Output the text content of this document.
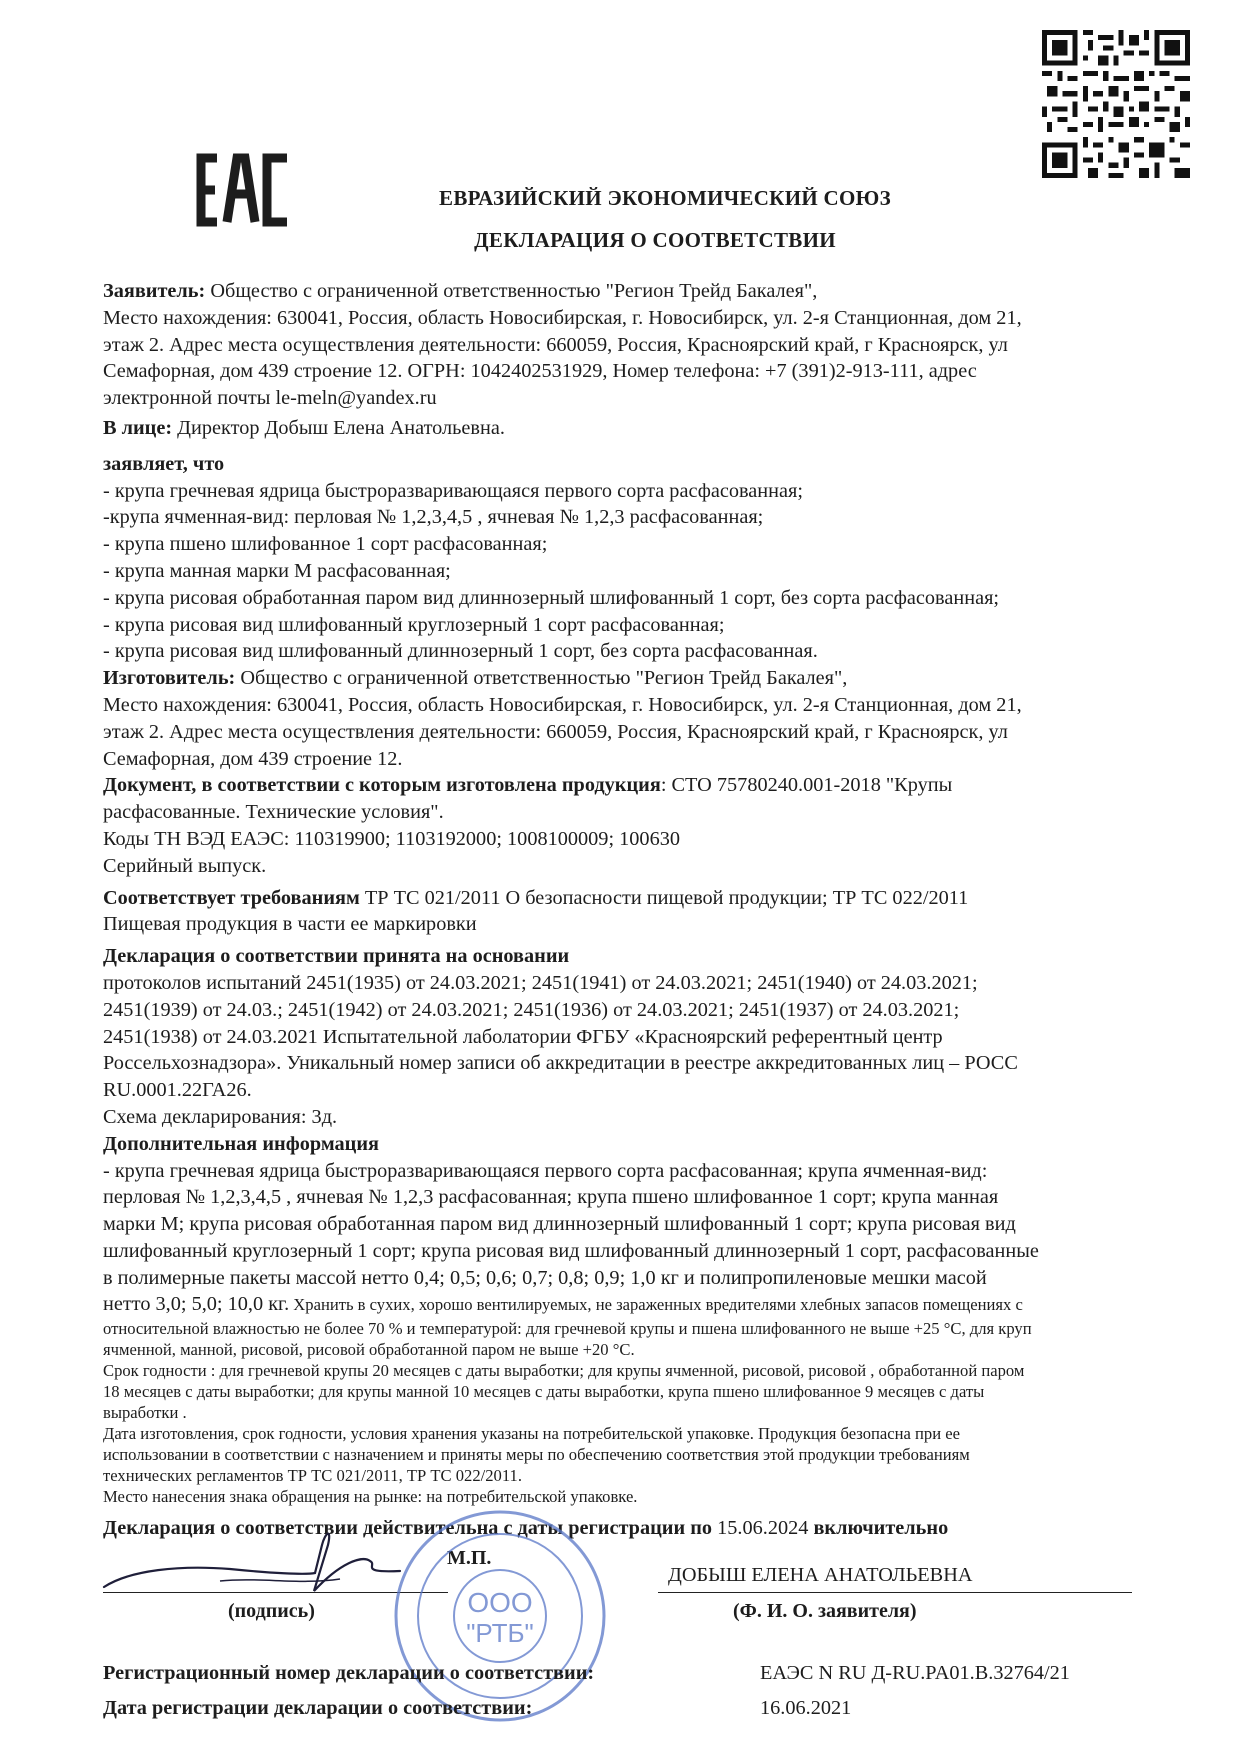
ЕВРАЗИЙСКИЙ ЭКОНОМИЧЕСКИЙ СОЮЗ
ДЕКЛАРАЦИЯ О СООТВЕТСТВИИ

Заявитель: Общество с ограниченной ответственностью "Регион Трейд Бакалея",

Место нахождения: 630041, Россия, область Новосибирская, г. Новосибирск, ул. 2-я Станционная, дом 21,

этаж 2. Адрес места осуществления деятельности: 660059, Россия, Красноярский край, г Красноярск, ул

Семафорная, дом 439 строение 12. ОГРН: 1042402531929, Номер телефона: +7 (391)2-913-111, адрес

электронной почты le-meln@yandex.ru

В лице: Директор Добыш Елена Анатольевна.

заявляет, что

- крупа гречневая ядрица быстроразваривающаяся первого сорта расфасованная;

-крупа ячменная-вид: перловая № 1,2,3,4,5 , ячневая № 1,2,3 расфасованная;

- крупа пшено шлифованное 1 сорт расфасованная;

- крупа манная марки М расфасованная;

- крупа рисовая обработанная паром вид длиннозерный шлифованный 1 сорт, без сорта расфасованная;

- крупа рисовая вид шлифованный круглозерный 1 сорт расфасованная;

- крупа рисовая вид шлифованный длиннозерный 1 сорт, без сорта расфасованная.

Изготовитель: Общество с ограниченной ответственностью "Регион Трейд Бакалея",

Место нахождения: 630041, Россия, область Новосибирская, г. Новосибирск, ул. 2-я Станционная, дом 21,

этаж 2. Адрес места осуществления деятельности: 660059, Россия, Красноярский край, г Красноярск, ул

Семафорная, дом 439 строение 12.

Документ, в соответствии с которым изготовлена продукция: СТО 75780240.001-2018 "Крупы

расфасованные. Технические условия".

Коды ТН ВЭД ЕАЭС: 110319900; 1103192000; 1008100009; 100630

Серийный выпуск.

Соответствует требованиям ТР ТС 021/2011 О безопасности пищевой продукции; ТР ТС 022/2011

Пищевая продукция в части ее маркировки

Декларация о соответствии принята на основании

протоколов испытаний 2451(1935) от 24.03.2021; 2451(1941) от 24.03.2021; 2451(1940) от 24.03.2021;

2451(1939) от 24.03.; 2451(1942) от 24.03.2021; 2451(1936) от 24.03.2021; 2451(1937) от 24.03.2021;

2451(1938) от 24.03.2021 Испытательной лаболатории ФГБУ «Красноярский референтный центр

Россельхознадзора». Уникальный номер записи об аккредитации в реестре аккредитованных лиц – РОСС

RU.0001.22ГА26.

Схема декларирования: 3д.

Дополнительная информация

- крупа гречневая ядрица быстроразваривающаяся первого сорта расфасованная; крупа ячменная-вид:

перловая № 1,2,3,4,5 , ячневая № 1,2,3 расфасованная; крупа пшено шлифованное 1 сорт; крупа манная

марки М; крупа рисовая обработанная паром вид длиннозерный шлифованный 1 сорт; крупа рисовая вид

шлифованный круглозерный 1 сорт; крупа рисовая вид шлифованный длиннозерный 1 сорт, расфасованные

в полимерные пакеты массой нетто 0,4; 0,5; 0,6; 0,7; 0,8; 0,9; 1,0 кг и полипропиленовые мешки масой

нетто 3,0; 5,0; 10,0 кг. Хранить в сухих, хорошо вентилируемых, не зараженных вредителями хлебных запасов помещениях с

относительной влажностью не более 70 % и температурой: для гречневой крупы и пшена шлифованного не выше +25 °С, для круп

ячменной, манной, рисовой, рисовой обработанной паром не выше +20 °С.

Срок годности : для гречневой крупы 20 месяцев с даты выработки; для крупы ячменной, рисовой, рисовой , обработанной паром

18 месяцев с даты выработки; для крупы манной 10 месяцев с даты выработки, крупа пшено шлифованное 9 месяцев с даты

выработки .

Дата изготовления, срок годности, условия хранения указаны на потребительской упаковке. Продукция безопасна при ее

использовании в соответствии с назначением и приняты меры по обеспечению соответствия этой продукции требованиям

технических регламентов ТР ТС 021/2011, ТР ТС 022/2011.

Место нанесения знака обращения на рынке: на потребительской упаковке.

Декларация о соответствии действительна с даты регистрации по 15.06.2024 включительно

М.П.
ДОБЫШ ЕЛЕНА АНАТОЛЬЕВНА
(подпись)	(Ф. И. О. заявителя)
ООО
"РТБ"
Регистрационный номер декларации о соответствии:	ЕАЭС N RU Д-RU.PA01.B.32764/21
Дата регистрации декларации о соответствии:	16.06.2021
